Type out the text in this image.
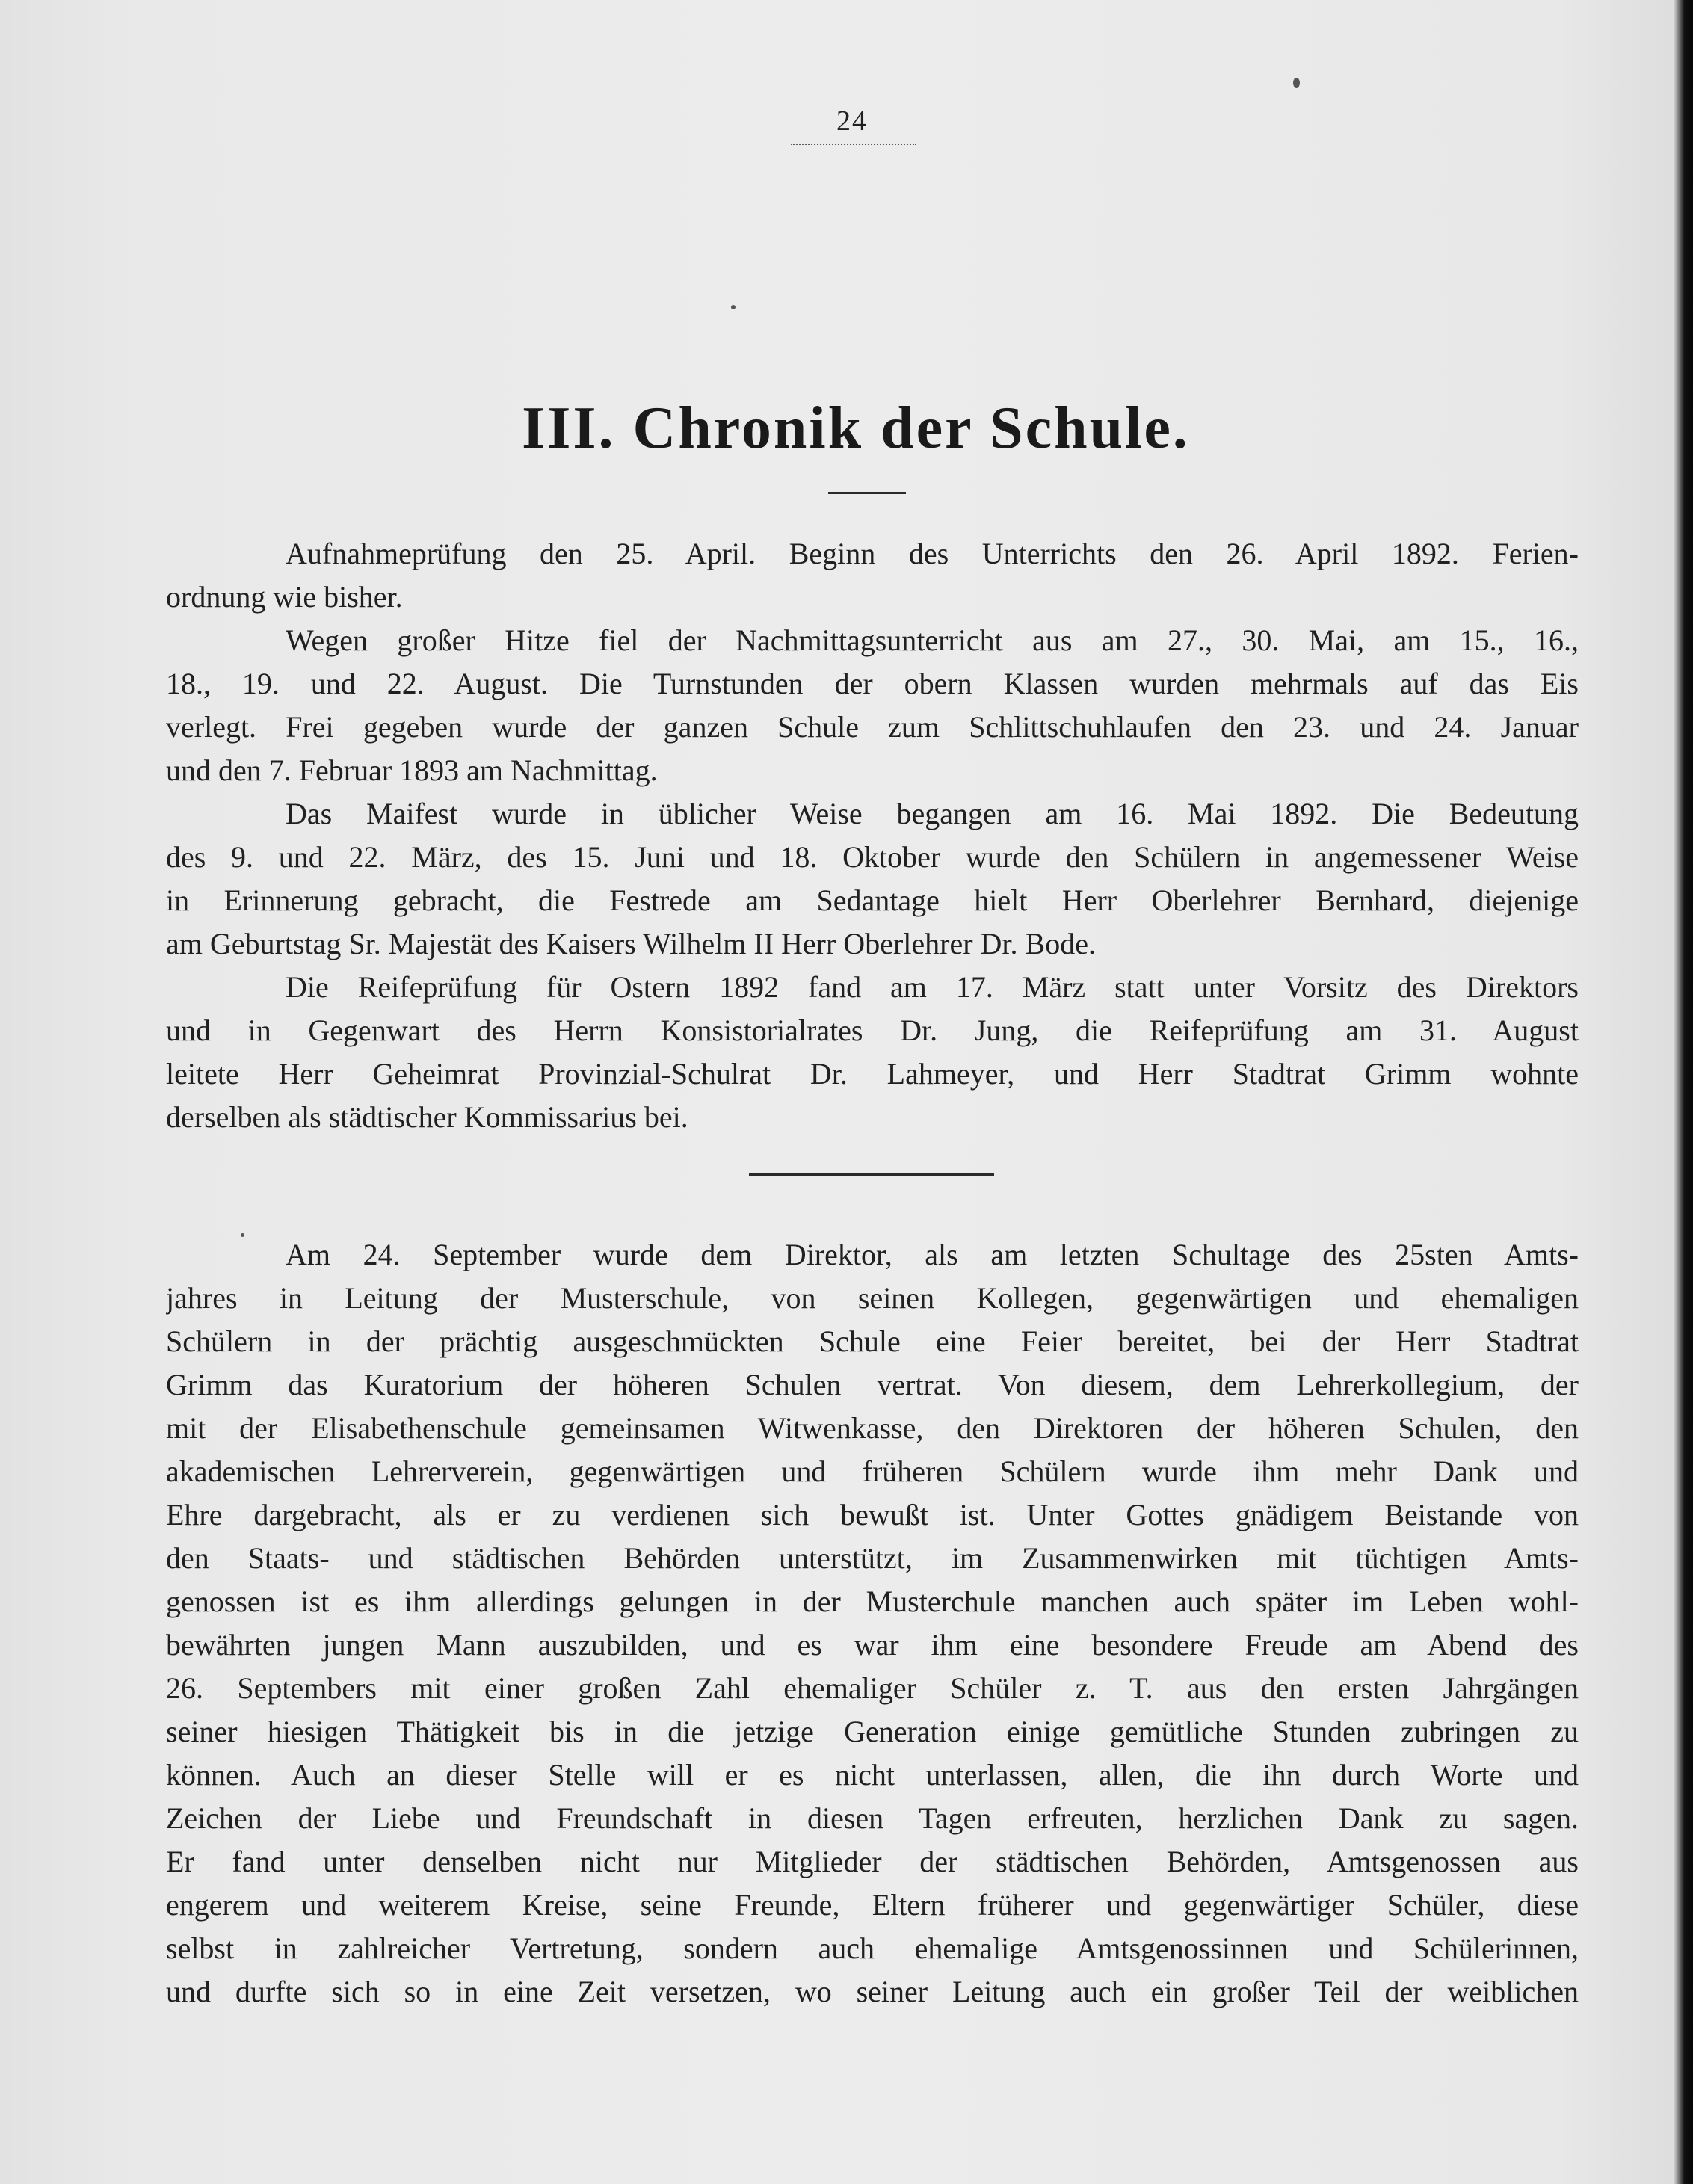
24
III. Chronik der Schule.
Aufnahmeprüfung den 25. April. Beginn des Unterrichts den 26. April 1892. Ferien-
ordnung wie bisher.
Wegen großer Hitze fiel der Nachmittagsunterricht aus am 27., 30. Mai, am 15., 16.,
18., 19. und 22. August. Die Turnstunden der obern Klassen wurden mehrmals auf das Eis
verlegt. Frei gegeben wurde der ganzen Schule zum Schlittschuhlaufen den 23. und 24. Januar
und den 7. Februar 1893 am Nachmittag.
Das Maifest wurde in üblicher Weise begangen am 16. Mai 1892. Die Bedeutung
des 9. und 22. März, des 15. Juni und 18. Oktober wurde den Schülern in angemessener Weise
in Erinnerung gebracht, die Festrede am Sedantage hielt Herr Oberlehrer Bernhard, diejenige
am Geburtstag Sr. Majestät des Kaisers Wilhelm II Herr Oberlehrer Dr. Bode.
Die Reifeprüfung für Ostern 1892 fand am 17. März statt unter Vorsitz des Direktors
und in Gegenwart des Herrn Konsistorialrates Dr. Jung, die Reifeprüfung am 31. August
leitete Herr Geheimrat Provinzial-Schulrat Dr. Lahmeyer, und Herr Stadtrat Grimm wohnte
derselben als städtischer Kommissarius bei.
Am 24. September wurde dem Direktor, als am letzten Schultage des 25sten Amts-
jahres in Leitung der Musterschule, von seinen Kollegen, gegenwärtigen und ehemaligen
Schülern in der prächtig ausgeschmückten Schule eine Feier bereitet, bei der Herr Stadtrat
Grimm das Kuratorium der höheren Schulen vertrat. Von diesem, dem Lehrerkollegium, der
mit der Elisabethenschule gemeinsamen Witwenkasse, den Direktoren der höheren Schulen, den
akademischen Lehrerverein, gegenwärtigen und früheren Schülern wurde ihm mehr Dank und
Ehre dargebracht, als er zu verdienen sich bewußt ist. Unter Gottes gnädigem Beistande von
den Staats- und städtischen Behörden unterstützt, im Zusammenwirken mit tüchtigen Amts-
genossen ist es ihm allerdings gelungen in der Musterchule manchen auch später im Leben wohl-
bewährten jungen Mann auszubilden, und es war ihm eine besondere Freude am Abend des
26. Septembers mit einer großen Zahl ehemaliger Schüler z. T. aus den ersten Jahrgängen
seiner hiesigen Thätigkeit bis in die jetzige Generation einige gemütliche Stunden zubringen zu
können. Auch an dieser Stelle will er es nicht unterlassen, allen, die ihn durch Worte und
Zeichen der Liebe und Freundschaft in diesen Tagen erfreuten, herzlichen Dank zu sagen.
Er fand unter denselben nicht nur Mitglieder der städtischen Behörden, Amtsgenossen aus
engerem und weiterem Kreise, seine Freunde, Eltern früherer und gegenwärtiger Schüler, diese
selbst in zahlreicher Vertretung, sondern auch ehemalige Amtsgenossinnen und Schülerinnen,
und durfte sich so in eine Zeit versetzen, wo seiner Leitung auch ein großer Teil der weiblichen
